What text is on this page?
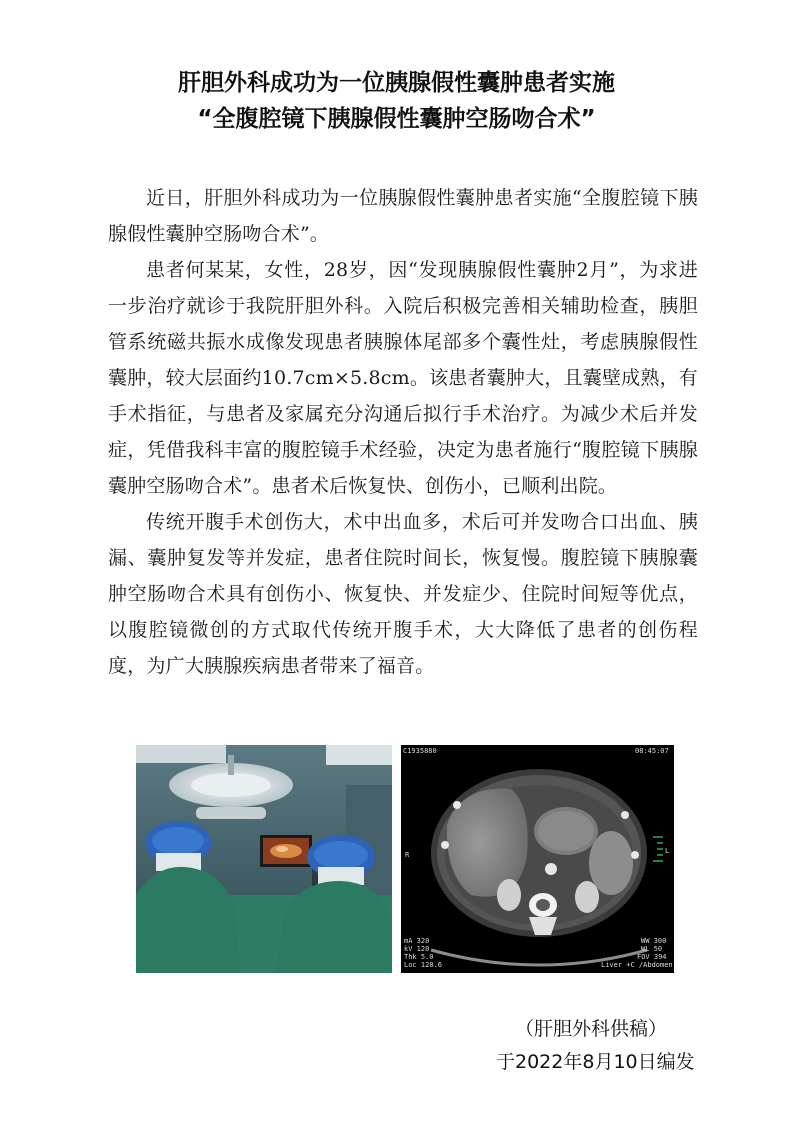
肝胆外科成功为一位胰腺假性囊肿患者实施
“全腹腔镜下胰腺假性囊肿空肠吻合术”

近日，肝胆外科成功为一位胰腺假性囊肿患者实施“全腹腔镜下胰腺假性囊肿空肠吻合术”。

患者何某某，女性，28岁，因“发现胰腺假性囊肿2月”，为求进一步治疗就诊于我院肝胆外科。入院后积极完善相关辅助检查，胰胆管系统磁共振水成像发现患者胰腺体尾部多个囊性灶，考虑胰腺假性囊肿，较大层面约10.7cm×5.8cm。该患者囊肿大，且囊壁成熟，有手术指征，与患者及家属充分沟通后拟行手术治疗。为减少术后并发症，凭借我科丰富的腹腔镜手术经验，决定为患者施行“腹腔镜下胰腺囊肿空肠吻合术”。患者术后恢复快、创伤小，已顺利出院。

传统开腹手术创伤大，术中出血多，术后可并发吻合口出血、胰漏、囊肿复发等并发症，患者住院时间长，恢复慢。腹腔镜下胰腺囊肿空肠吻合术具有创伤小、恢复快、并发症少、住院时间短等优点，以腹腔镜微创的方式取代传统开腹手术，大大降低了患者的创伤程度，为广大胰腺疾病患者带来了福音。

C1935880	08:45:07
R	L
mA 320
kV 120
Thk 5.0
Loc 128.6
WW 300
WL 50
FOV 394
Liver +C /Abdomen
（肝胆外科供稿）
于2022年8月10日编发
